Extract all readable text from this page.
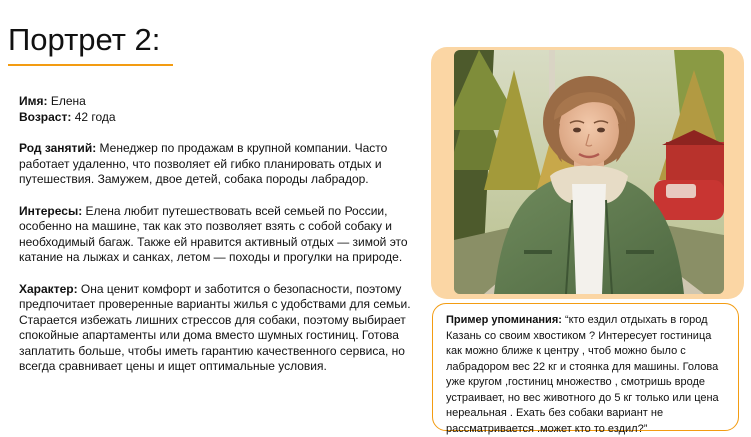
Портрет 2:

Имя: Елена
Возраст: 42 года

Род занятий: Менеджер по продажам в крупной компании. Часто работает удаленно, что позволяет ей гибко планировать отдых и путешествия. Замужем, двое детей, собака породы лабрадор.

Интересы: Елена любит путешествовать всей семьей по России, особенно на машине, так как это позволяет взять с собой собаку и необходимый багаж. Также ей нравится активный отдых — зимой это катание на лыжах и санках, летом — походы и прогулки на природе.

Характер: Она ценит комфорт и заботится о безопасности, поэтому предпочитает проверенные варианты жилья с удобствами для семьи. Старается избежать лишних стрессов для собаки, поэтому выбирает спокойные апартаменты или дома вместо шумных гостиниц. Готова заплатить больше, чтобы иметь гарантию качественного сервиса, но всегда сравнивает цены и ищет оптимальные условия.

Пример упоминания: “кто ездил отдыхать в город Казань со своим хвостиком ? Интересует гостиница как можно ближе к центру , чтоб можно было с лабрадором вес 22 кг и стоянка для машины. Голова уже кругом ,гостиниц множество , смотришь вроде устраивает, но вес животного до 5 кг только или цена нереальная . Ехать без собаки вариант не рассматривается .может кто то ездил?”
